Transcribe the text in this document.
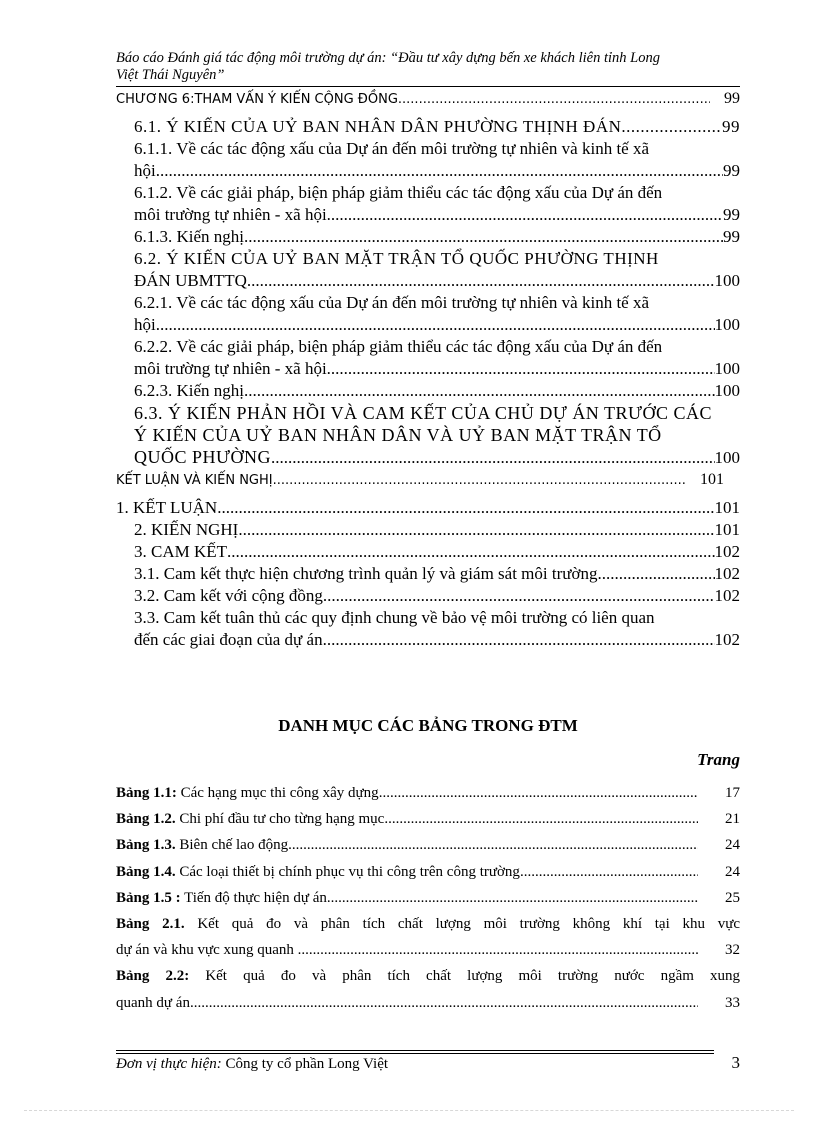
Báo cáo Đánh giá tác động môi trường dự án: “Đầu tư xây dựng bến xe khách liên tỉnh Long
Việt Thái Nguyên”
CHƯƠNG 6:THAM VẤN Ý KIẾN CỘNG ĐỒNG .....	99
6.1. Ý KIẾN CỦA UỶ BAN NHÂN DÂN PHƯỜNG THỊNH ĐÁN .....	99
6.1.1. Về các tác động xấu của Dự án đến môi trường tự nhiên và kinh tế xã
hội .....	99
6.1.2. Về các giải pháp, biện pháp giảm thiểu các tác động xấu của Dự án đến
môi trường tự nhiên - xã hội .....	99
6.1.3. Kiến nghị .....	99
6.2. Ý KIẾN CỦA UỶ BAN MẶT TRẬN TỔ QUỐC PHƯỜNG THỊNH
ĐÁN UBMTTQ .....	100
6.2.1. Về các tác động xấu của Dự án đến môi trường tự nhiên và kinh tế xã
hội .....	100
6.2.2. Về các giải pháp, biện pháp giảm thiểu các tác động xấu của Dự án đến
môi trường tự nhiên - xã hội .....	100
6.2.3. Kiến nghị .....	100
6.3. Ý KIẾN PHẢN HỒI VÀ CAM KẾT CỦA CHỦ DỰ ÁN TRƯỚC CÁC
Ý KIẾN CỦA UỶ BAN NHÂN DÂN VÀ UỶ BAN MẶT TRẬN TỔ
QUỐC PHƯỜNG .....	100
KẾT LUẬN VÀ KIẾN NGHỊ .....	101
1. KẾT LUẬN .....	101
2. KIẾN NGHỊ .....	101
3. CAM KẾT .....	102
3.1. Cam kết thực hiện chương trình quản lý và giám sát môi trường .....	102
3.2. Cam kết với cộng đồng .....	102
3.3. Cam kết tuân thủ các quy định chung về bảo vệ môi trường có liên quan
đến các giai đoạn của dự án .....	102
DANH MỤC CÁC BẢNG TRONG ĐTM
Trang
Bảng 1.1: Các hạng mục thi công xây dựng .....	17
Bảng 1.2. Chi phí đầu tư cho từng hạng mục .....	21
Bảng 1.3. Biên chế lao động .....	24
Bảng 1.4. Các loại thiết bị chính phục vụ thi công trên công trường .....	24
Bảng 1.5 : Tiến độ thực hiện dự án .....	25
Bảng 2.1. Kết quả đo và phân tích chất lượng môi trường không khí tại khu vực
dự án và khu vực xung quanh . .....	32
Bảng 2.2: Kết quả đo và phân tích chất lượng môi trường nước ngầm xung
quanh dự án .....	33
Đơn vị thực hiện: Công ty cổ phần Long Việt	3
